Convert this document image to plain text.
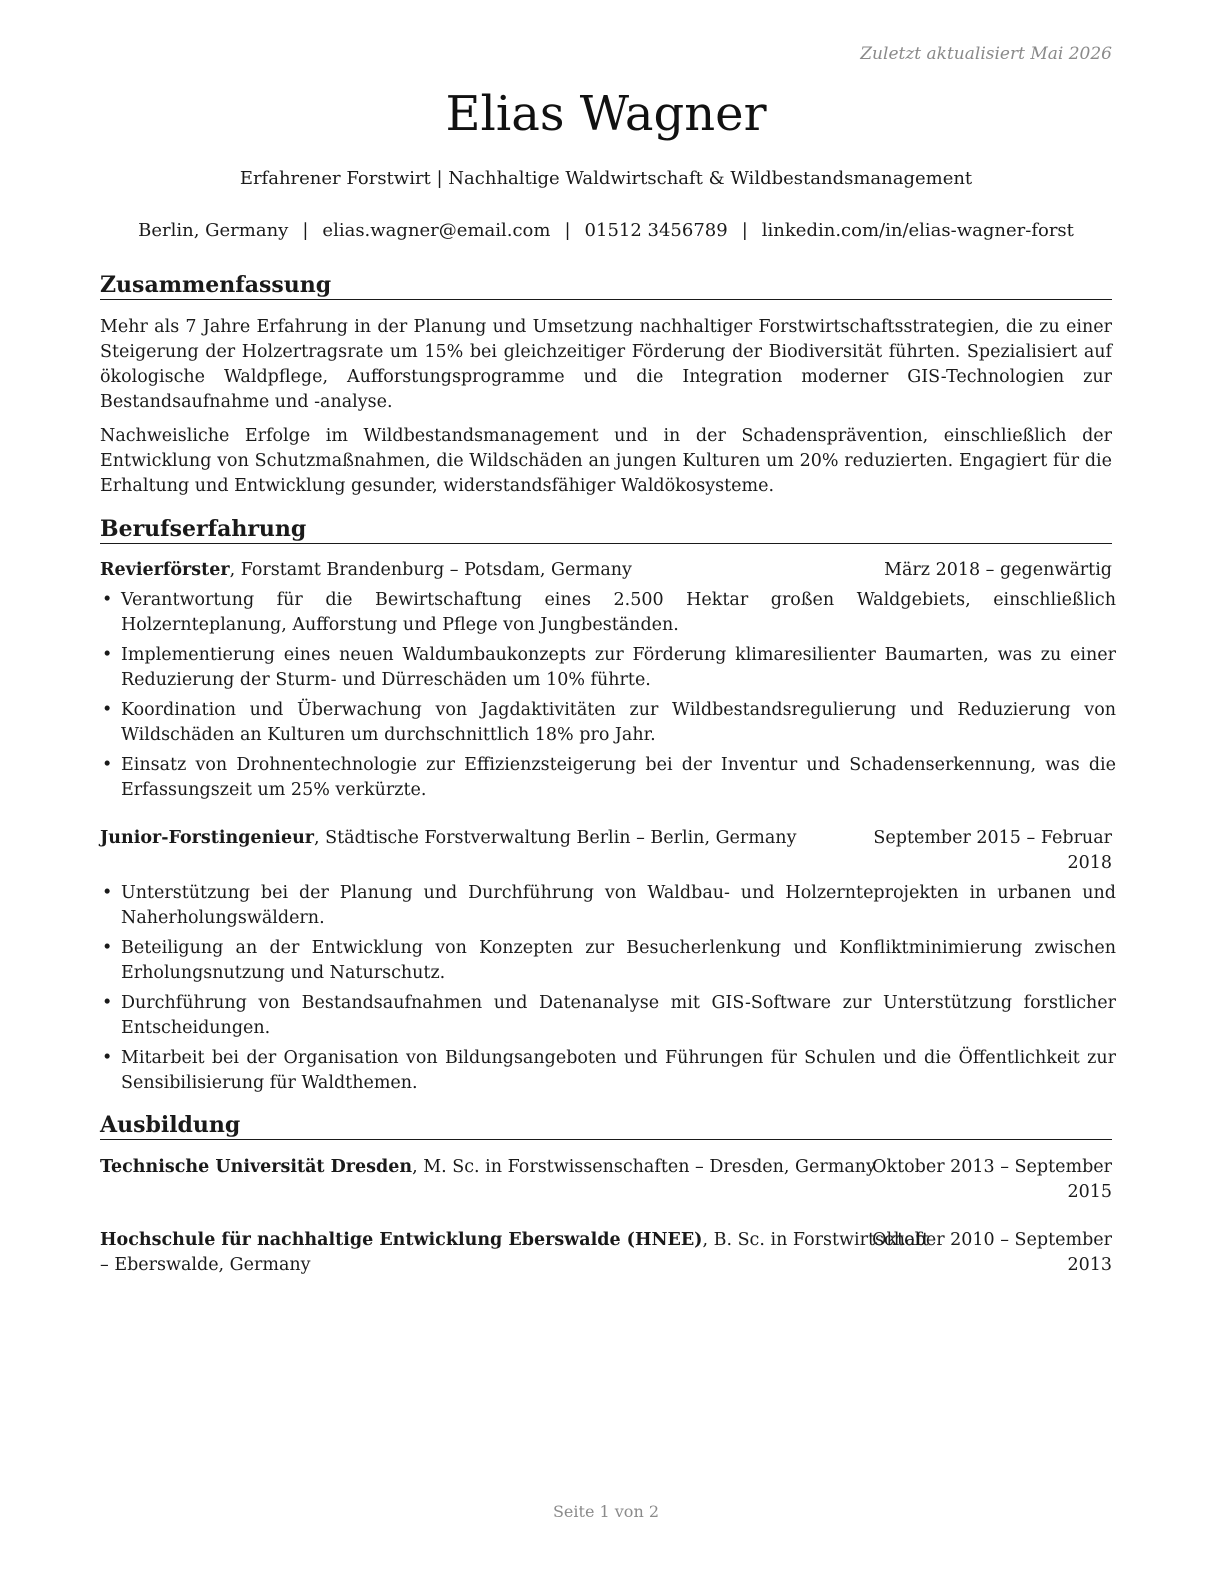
Zuletzt aktualisiert Mai 2026
Elias Wagner
Erfahrener Forstwirt | Nachhaltige Waldwirtschaft & Wildbestandsmanagement
Berlin, Germany | elias.wagner@email.com | 01512 3456789 | linkedin.com/in/elias-wagner-forst
Zusammenfassung

Mehr als 7 Jahre Erfahrung in der Planung und Umsetzung nachhaltiger Forstwirtschaftsstrategien, die zu einer Steigerung der Holzertragsrate um 15% bei gleichzeitiger Förderung der Biodiversität führten. Spezialisiert auf ökologische Waldpflege, Aufforstungsprogramme und die Integration moderner GIS-Technologien zur Bestandsaufnahme und -analyse.

Nachweisliche Erfolge im Wildbestandsmanagement und in der Schadensprävention, einschließlich der Entwicklung von Schutzmaßnahmen, die Wildschäden an jungen Kulturen um 20% reduzierten. Engagiert für die Erhaltung und Entwicklung gesunder, widerstandsfähiger Waldökosysteme.

Berufserfahrung
Revierförster, Forstamt Brandenburg – Potsdam, Germany	März 2018 – gegenwärtig
• Verantwortung für die Bewirtschaftung eines 2.500 Hektar großen Waldgebiets, einschließlich Holzernteplanung, Aufforstung und Pflege von Jungbeständen.
• Implementierung eines neuen Waldumbaukonzepts zur Förderung klimaresilienter Baumarten, was zu einer Reduzierung der Sturm- und Dürreschäden um 10% führte.
• Koordination und Überwachung von Jagdaktivitäten zur Wildbestandsregulierung und Reduzierung von Wildschäden an Kulturen um durchschnittlich 18% pro Jahr.
• Einsatz von Drohnentechnologie zur Effizienzsteigerung bei der Inventur und Schadenserkennung, was die Erfassungszeit um 25% verkürzte.
Junior-Forstingenieur, Städtische Forstverwaltung Berlin – Berlin, Germany	September 2015 – Februar
2018
• Unterstützung bei der Planung und Durchführung von Waldbau- und Holzernteprojekten in urbanen und Naherholungswäldern.
• Beteiligung an der Entwicklung von Konzepten zur Besucherlenkung und Konfliktminimierung zwischen Erholungsnutzung und Naturschutz.
• Durchführung von Bestandsaufnahmen und Datenanalyse mit GIS-Software zur Unterstützung forstlicher Entscheidungen.
• Mitarbeit bei der Organisation von Bildungsangeboten und Führungen für Schulen und die Öffentlichkeit zur Sensibilisierung für Waldthemen.
Ausbildung
Technische Universität Dresden, M. Sc. in Forstwissenschaften – Dresden, Germany
Oktober 2013 – September
2015
Hochschule für nachhaltige Entwicklung Eberswalde (HNEE), B. Sc. in Forstwirtschaft
– Eberswalde, Germany
Oktober 2010 – September
2013
Seite 1 von 2
